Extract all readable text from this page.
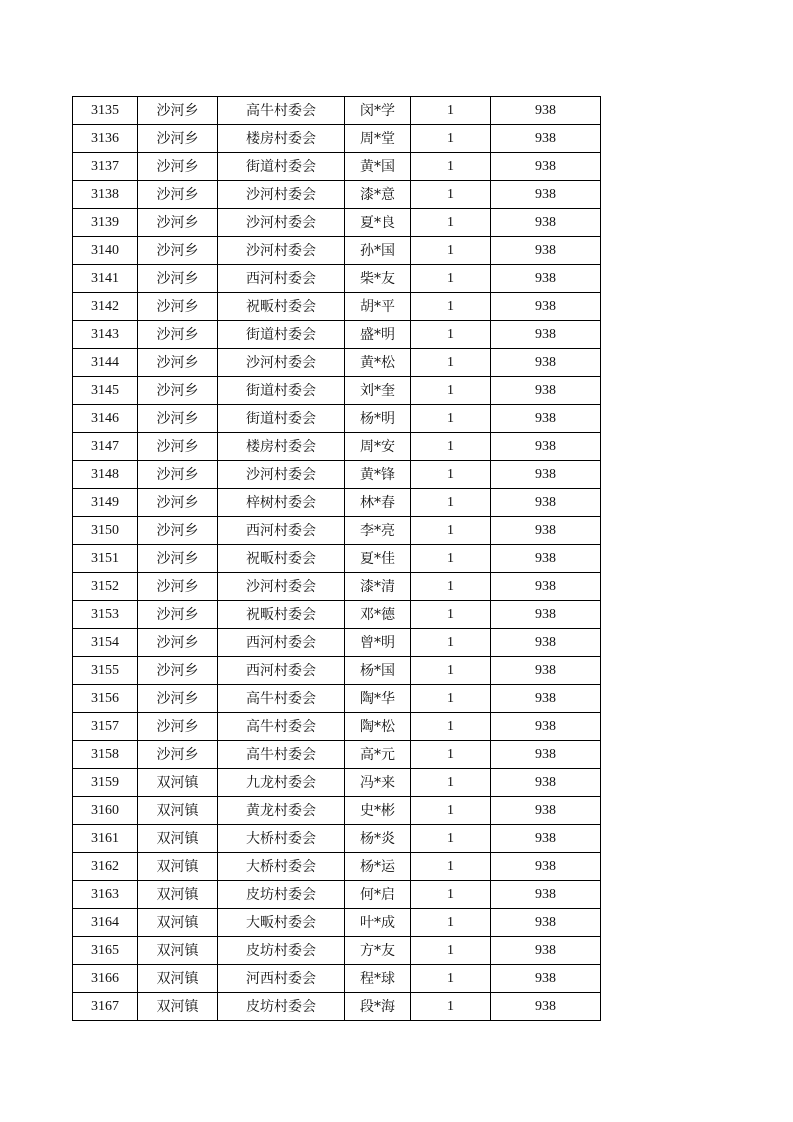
3135	沙河乡	高牛村委会	闵*学	1	938
3136	沙河乡	楼房村委会	周*堂	1	938
3137	沙河乡	街道村委会	黄*国	1	938
3138	沙河乡	沙河村委会	漆*意	1	938
3139	沙河乡	沙河村委会	夏*良	1	938
3140	沙河乡	沙河村委会	孙*国	1	938
3141	沙河乡	西河村委会	柴*友	1	938
3142	沙河乡	祝畈村委会	胡*平	1	938
3143	沙河乡	街道村委会	盛*明	1	938
3144	沙河乡	沙河村委会	黄*松	1	938
3145	沙河乡	街道村委会	刘*奎	1	938
3146	沙河乡	街道村委会	杨*明	1	938
3147	沙河乡	楼房村委会	周*安	1	938
3148	沙河乡	沙河村委会	黄*锋	1	938
3149	沙河乡	梓树村委会	林*春	1	938
3150	沙河乡	西河村委会	李*亮	1	938
3151	沙河乡	祝畈村委会	夏*佳	1	938
3152	沙河乡	沙河村委会	漆*清	1	938
3153	沙河乡	祝畈村委会	邓*德	1	938
3154	沙河乡	西河村委会	曾*明	1	938
3155	沙河乡	西河村委会	杨*国	1	938
3156	沙河乡	高牛村委会	陶*华	1	938
3157	沙河乡	高牛村委会	陶*松	1	938
3158	沙河乡	高牛村委会	高*元	1	938
3159	双河镇	九龙村委会	冯*来	1	938
3160	双河镇	黄龙村委会	史*彬	1	938
3161	双河镇	大桥村委会	杨*炎	1	938
3162	双河镇	大桥村委会	杨*运	1	938
3163	双河镇	皮坊村委会	何*启	1	938
3164	双河镇	大畈村委会	叶*成	1	938
3165	双河镇	皮坊村委会	方*友	1	938
3166	双河镇	河西村委会	程*球	1	938
3167	双河镇	皮坊村委会	段*海	1	938
